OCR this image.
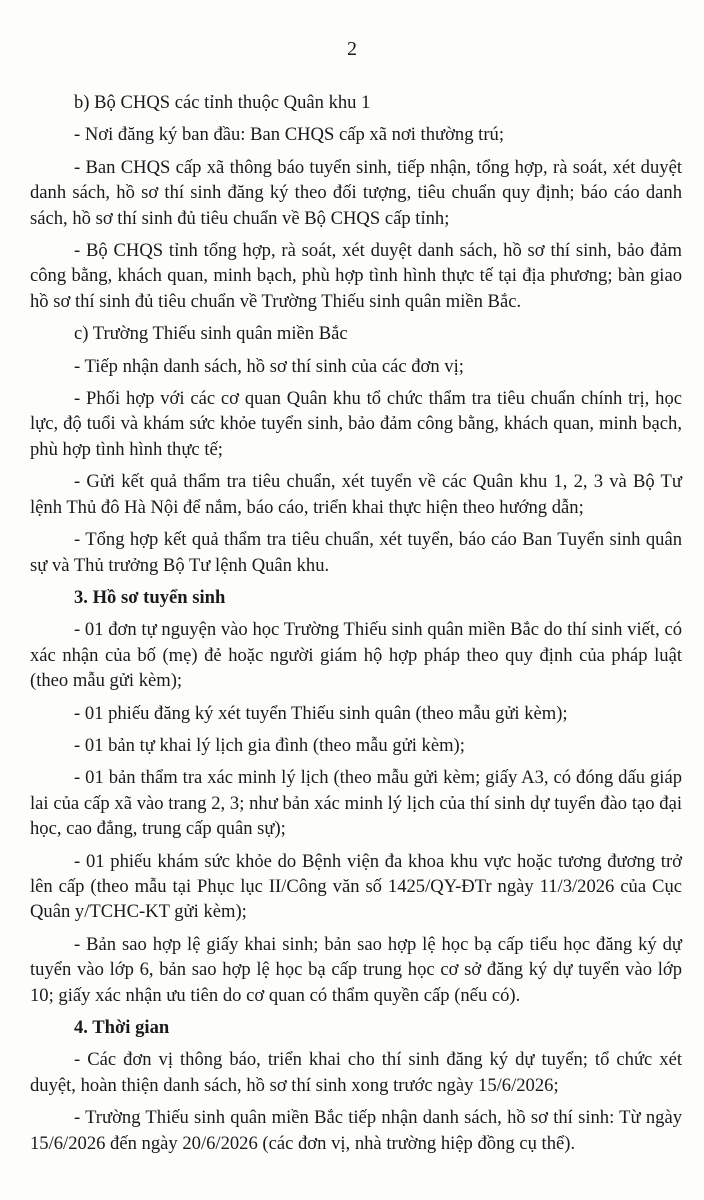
2

b) Bộ CHQS các tỉnh thuộc Quân khu 1

- Nơi đăng ký ban đầu: Ban CHQS cấp xã nơi thường trú;

- Ban CHQS cấp xã thông báo tuyển sinh, tiếp nhận, tổng hợp, rà soát, xét duyệt danh sách, hồ sơ thí sinh đăng ký theo đối tượng, tiêu chuẩn quy định; báo cáo danh sách, hồ sơ thí sinh đủ tiêu chuẩn về Bộ CHQS cấp tỉnh;

- Bộ CHQS tỉnh tổng hợp, rà soát, xét duyệt danh sách, hồ sơ thí sinh, bảo đảm công bằng, khách quan, minh bạch, phù hợp tình hình thực tế tại địa phương; bàn giao hồ sơ thí sinh đủ tiêu chuẩn về Trường Thiếu sinh quân miền Bắc.

c) Trường Thiếu sinh quân miền Bắc

- Tiếp nhận danh sách, hồ sơ thí sinh của các đơn vị;

- Phối hợp với các cơ quan Quân khu tổ chức thẩm tra tiêu chuẩn chính trị, học lực, độ tuổi và khám sức khỏe tuyển sinh, bảo đảm công bằng, khách quan, minh bạch, phù hợp tình hình thực tế;

- Gửi kết quả thẩm tra tiêu chuẩn, xét tuyển về các Quân khu 1, 2, 3 và Bộ Tư lệnh Thủ đô Hà Nội để nắm, báo cáo, triển khai thực hiện theo hướng dẫn;

- Tổng hợp kết quả thẩm tra tiêu chuẩn, xét tuyển, báo cáo Ban Tuyển sinh quân sự và Thủ trưởng Bộ Tư lệnh Quân khu.

3. Hồ sơ tuyển sinh

- 01 đơn tự nguyện vào học Trường Thiếu sinh quân miền Bắc do thí sinh viết, có xác nhận của bố (mẹ) đẻ hoặc người giám hộ hợp pháp theo quy định của pháp luật (theo mẫu gửi kèm);

- 01 phiếu đăng ký xét tuyển Thiếu sinh quân (theo mẫu gửi kèm);

- 01 bản tự khai lý lịch gia đình (theo mẫu gửi kèm);

- 01 bản thẩm tra xác minh lý lịch (theo mẫu gửi kèm; giấy A3, có đóng dấu giáp lai của cấp xã vào trang 2, 3; như bản xác minh lý lịch của thí sinh dự tuyển đào tạo đại học, cao đẳng, trung cấp quân sự);

- 01 phiếu khám sức khỏe do Bệnh viện đa khoa khu vực hoặc tương đương trở lên cấp (theo mẫu tại Phục lục II/Công văn số 1425/QY-ĐTr ngày 11/3/2026 của Cục Quân y/TCHC-KT gửi kèm);

- Bản sao hợp lệ giấy khai sinh; bản sao hợp lệ học bạ cấp tiểu học đăng ký dự tuyển vào lớp 6, bản sao hợp lệ học bạ cấp trung học cơ sở đăng ký dự tuyển vào lớp 10; giấy xác nhận ưu tiên do cơ quan có thẩm quyền cấp (nếu có).

4. Thời gian

- Các đơn vị thông báo, triển khai cho thí sinh đăng ký dự tuyển; tổ chức xét duyệt, hoàn thiện danh sách, hồ sơ thí sinh xong trước ngày 15/6/2026;

- Trường Thiếu sinh quân miền Bắc tiếp nhận danh sách, hồ sơ thí sinh: Từ ngày 15/6/2026 đến ngày 20/6/2026 (các đơn vị, nhà trường hiệp đồng cụ thể).
